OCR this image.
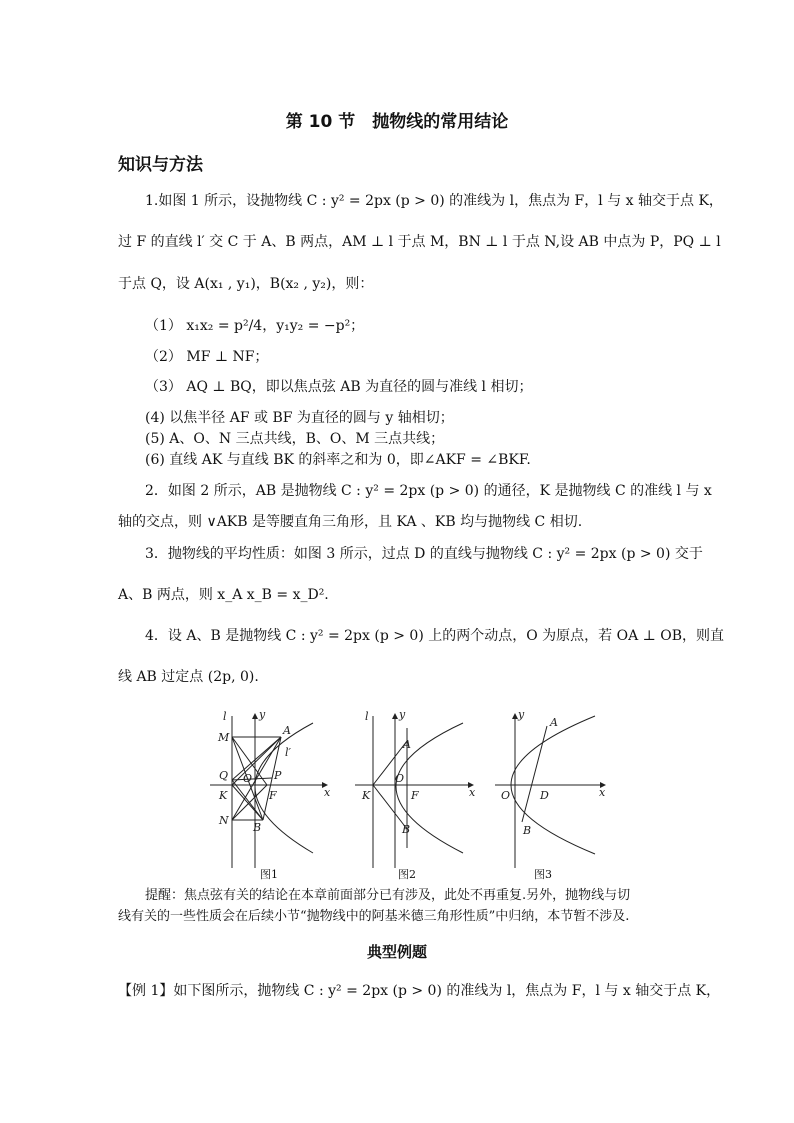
第 10 节　抛物线的常用结论
知识与方法
1.如图 1 所示，设抛物线 C : y² = 2px (p > 0) 的准线为 l，焦点为 F，l 与 x 轴交于点 K，
过 F 的直线 l′ 交 C 于 A、B 两点，AM ⊥ l 于点 M，BN ⊥ l 于点 N,设 AB 中点为 P，PQ ⊥ l
于点 Q，设 A(x₁ , y₁)，B(x₂ , y₂)，则：
（1） x₁x₂ = p²/4，y₁y₂ = −p²；
（2） MF ⊥ NF；
（3） AQ ⊥ BQ，即以焦点弦 AB 为直径的圆与准线 l 相切；
(4) 以焦半径 AF 或 BF 为直径的圆与 y 轴相切；
(5) A、O、N 三点共线，B、O、M 三点共线；
(6) 直线 AK 与直线 BK 的斜率之和为 0，即∠AKF = ∠BKF.
2．如图 2 所示，AB 是抛物线 C : y² = 2px (p > 0) 的通径，K 是抛物线 C 的准线 l 与 x
轴的交点，则 ∨AKB 是等腰直角三角形，且 KA 、KB 均与抛物线 C 相切.
3．抛物线的平均性质：如图 3 所示，过点 D 的直线与抛物线 C : y² = 2px (p > 0) 交于
A、B 两点，则 x_A x_B = x_D².
4．设 A、B 是抛物线 C : y² = 2px (p > 0) 上的两个动点，O 为原点，若 OA ⊥ OB，则直
线 AB 过定点 (2p, 0).
l	y
x
A
M
l′
Q O P
K	F
N
B
l	y
x
A
O
K	F
B
y
x
A
O	D
B
图1	图2	图3
提醒：焦点弦有关的结论在本章前面部分已有涉及，此处不再重复.另外，抛物线与切
线有关的一些性质会在后续小节“抛物线中的阿基米德三角形性质”中归纳，本节暂不涉及.
典型例题
【例 1】如下图所示，抛物线 C : y² = 2px (p > 0) 的准线为 l，焦点为 F，l 与 x 轴交于点 K，
